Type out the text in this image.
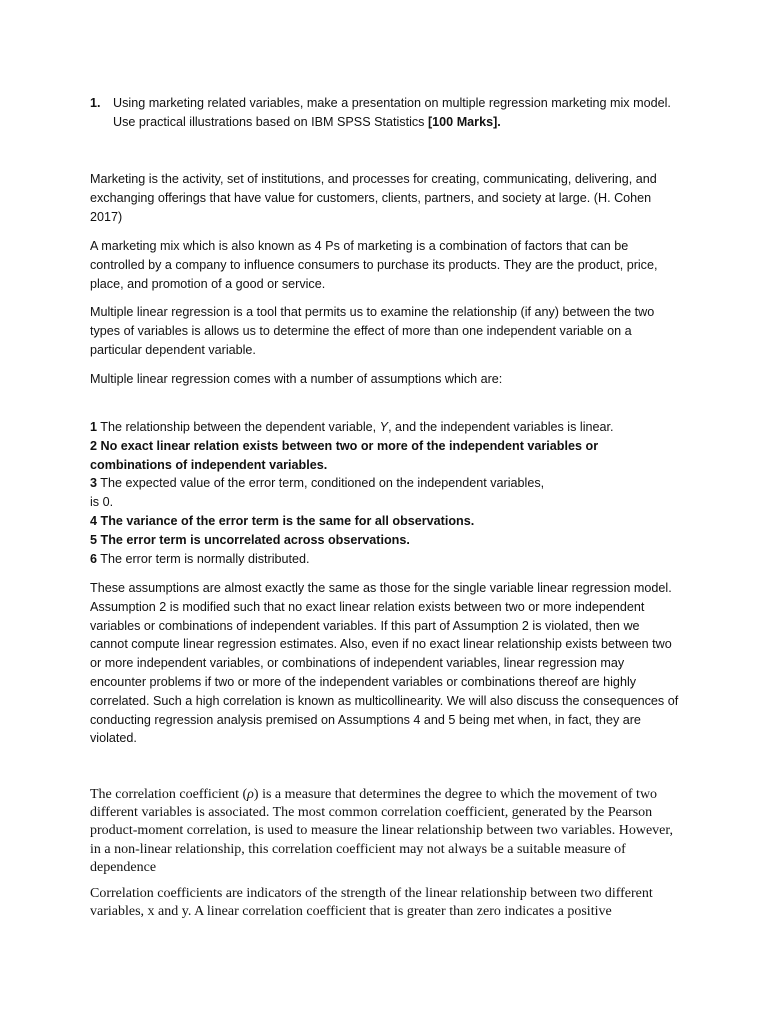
1. Using marketing related variables, make a presentation on multiple regression marketing mix model. Use practical illustrations based on IBM SPSS Statistics [100 Marks].

Marketing is the activity, set of institutions, and processes for creating, communicating, delivering, and exchanging offerings that have value for customers, clients, partners, and society at large. (H. Cohen 2017)

A marketing mix which is also known as 4 Ps of marketing is a combination of factors that can be controlled by a company to influence consumers to purchase its products. They are the product, price, place, and promotion of a good or service.

Multiple linear regression is a tool that permits us to examine the relationship (if any) between the two types of variables is allows us to determine the effect of more than one independent variable on a particular dependent variable.

Multiple linear regression comes with a number of assumptions which are:

1 The relationship between the dependent variable, Y, and the independent variables is linear.
2 No exact linear relation exists between two or more of the independent variables or combinations of independent variables.
3 The expected value of the error term, conditioned on the independent variables,
is 0.
4 The variance of the error term is the same for all observations.
5 The error term is uncorrelated across observations.
6 The error term is normally distributed.

These assumptions are almost exactly the same as those for the single variable linear regression model. Assumption 2 is modified such that no exact linear relation exists between two or more independent variables or combinations of independent variables. If this part of Assumption 2 is violated, then we cannot compute linear regression estimates. Also, even if no exact linear relationship exists between two or more independent variables, or combinations of independent variables, linear regression may encounter problems if two or more of the independent variables or combinations thereof are highly correlated. Such a high correlation is known as multicollinearity. We will also discuss the consequences of conducting regression analysis premised on Assumptions 4 and 5 being met when, in fact, they are violated.

The correlation coefficient (ρ) is a measure that determines the degree to which the movement of two different variables is associated. The most common correlation coefficient, generated by the Pearson product-moment correlation, is used to measure the linear relationship between two variables. However, in a non-linear relationship, this correlation coefficient may not always be a suitable measure of dependence

Correlation coefficients are indicators of the strength of the linear relationship between two different variables, x and y. A linear correlation coefficient that is greater than zero indicates a positive
